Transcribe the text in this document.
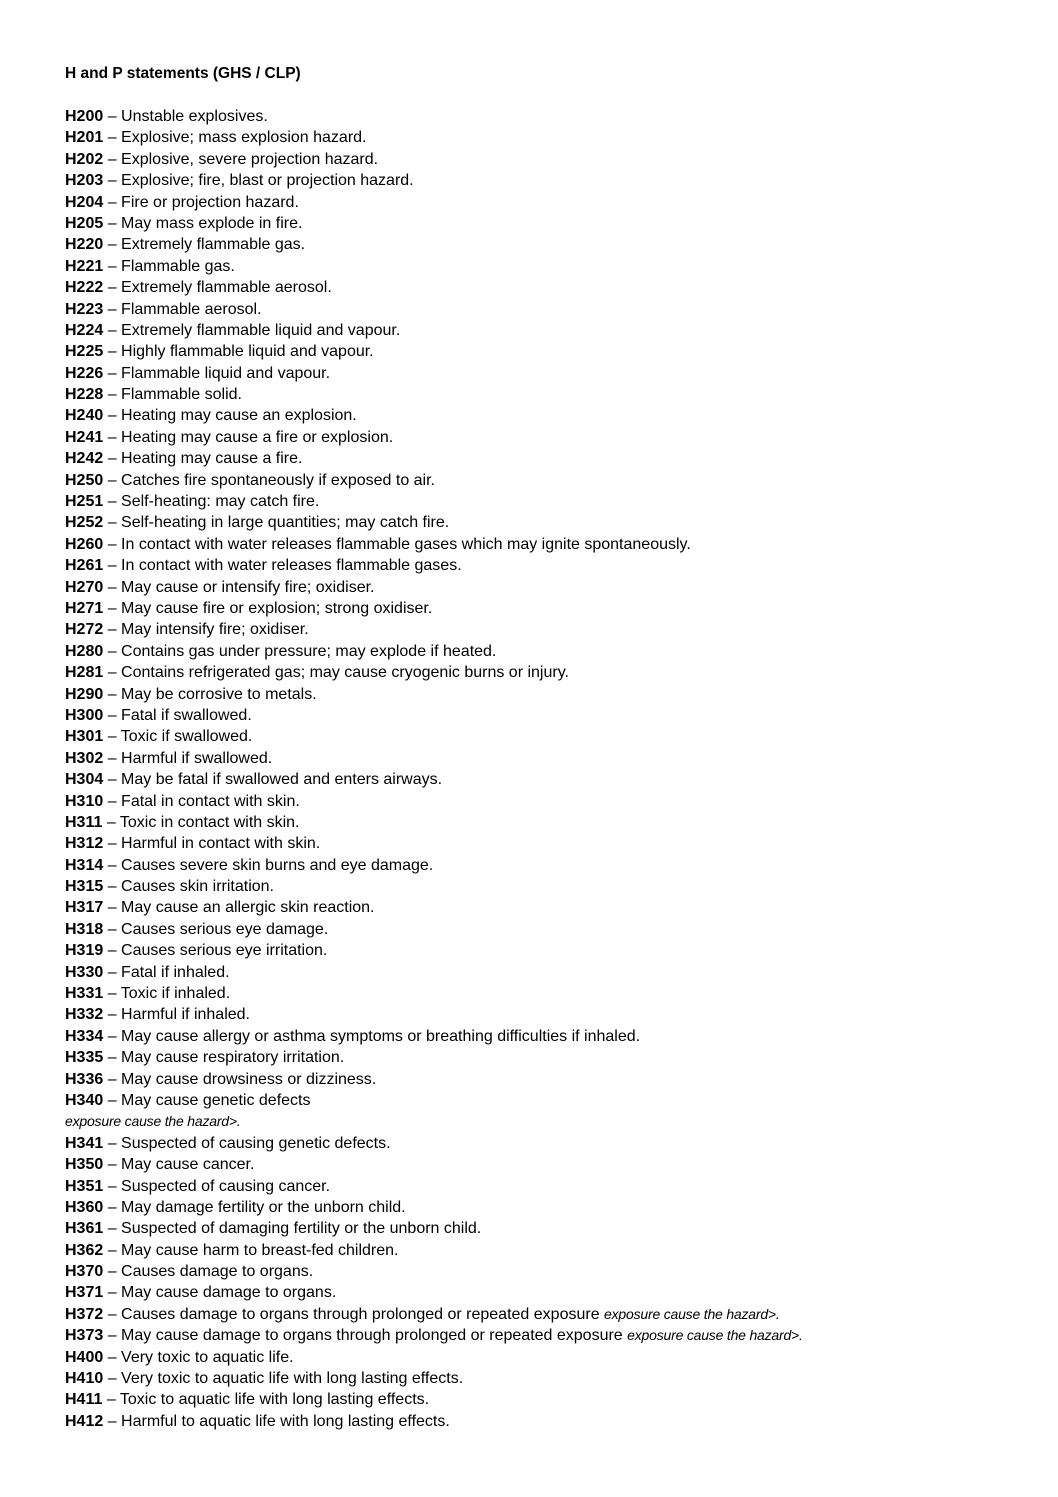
H and P statements (GHS / CLP)
H200 – Unstable explosives.
H201 – Explosive; mass explosion hazard.
H202 – Explosive, severe projection hazard.
H203 – Explosive; fire, blast or projection hazard.
H204 – Fire or projection hazard.
H205 – May mass explode in fire.
H220 – Extremely flammable gas.
H221 – Flammable gas.
H222 – Extremely flammable aerosol.
H223 – Flammable aerosol.
H224 – Extremely flammable liquid and vapour.
H225 – Highly flammable liquid and vapour.
H226 – Flammable liquid and vapour.
H228 – Flammable solid.
H240 – Heating may cause an explosion.
H241 – Heating may cause a fire or explosion.
H242 – Heating may cause a fire.
H250 – Catches fire spontaneously if exposed to air.
H251 – Self-heating: may catch fire.
H252 – Self-heating in large quantities; may catch fire.
H260 – In contact with water releases flammable gases which may ignite spontaneously.
H261 – In contact with water releases flammable gases.
H270 – May cause or intensify fire; oxidiser.
H271 – May cause fire or explosion; strong oxidiser.
H272 – May intensify fire; oxidiser.
H280 – Contains gas under pressure; may explode if heated.
H281 – Contains refrigerated gas; may cause cryogenic burns or injury.
H290 – May be corrosive to metals.
H300 – Fatal if swallowed.
H301 – Toxic if swallowed.
H302 – Harmful if swallowed.
H304 – May be fatal if swallowed and enters airways.
H310 – Fatal in contact with skin.
H311 – Toxic in contact with skin.
H312 – Harmful in contact with skin.
H314 – Causes severe skin burns and eye damage.
H315 – Causes skin irritation.
H317 – May cause an allergic skin reaction.
H318 – Causes serious eye damage.
H319 – Causes serious eye irritation.
H330 – Fatal if inhaled.
H331 – Toxic if inhaled.
H332 – Harmful if inhaled.
H334 – May cause allergy or asthma symptoms or breathing difficulties if inhaled.
H335 – May cause respiratory irritation.
H336 – May cause drowsiness or dizziness.
H340 – May cause genetic defects
exposure cause the hazard>.
H341 – Suspected of causing genetic defects.
H350 – May cause cancer.
H351 – Suspected of causing cancer.
H360 – May damage fertility or the unborn child.
H361 – Suspected of damaging fertility or the unborn child.
H362 – May cause harm to breast-fed children.
H370 – Causes damage to organs.
H371 – May cause damage to organs.
H372 – Causes damage to organs through prolonged or repeated exposure exposure cause the hazard>.
H373 – May cause damage to organs through prolonged or repeated exposure exposure cause the hazard>.
H400 – Very toxic to aquatic life.
H410 – Very toxic to aquatic life with long lasting effects.
H411 – Toxic to aquatic life with long lasting effects.
H412 – Harmful to aquatic life with long lasting effects.
